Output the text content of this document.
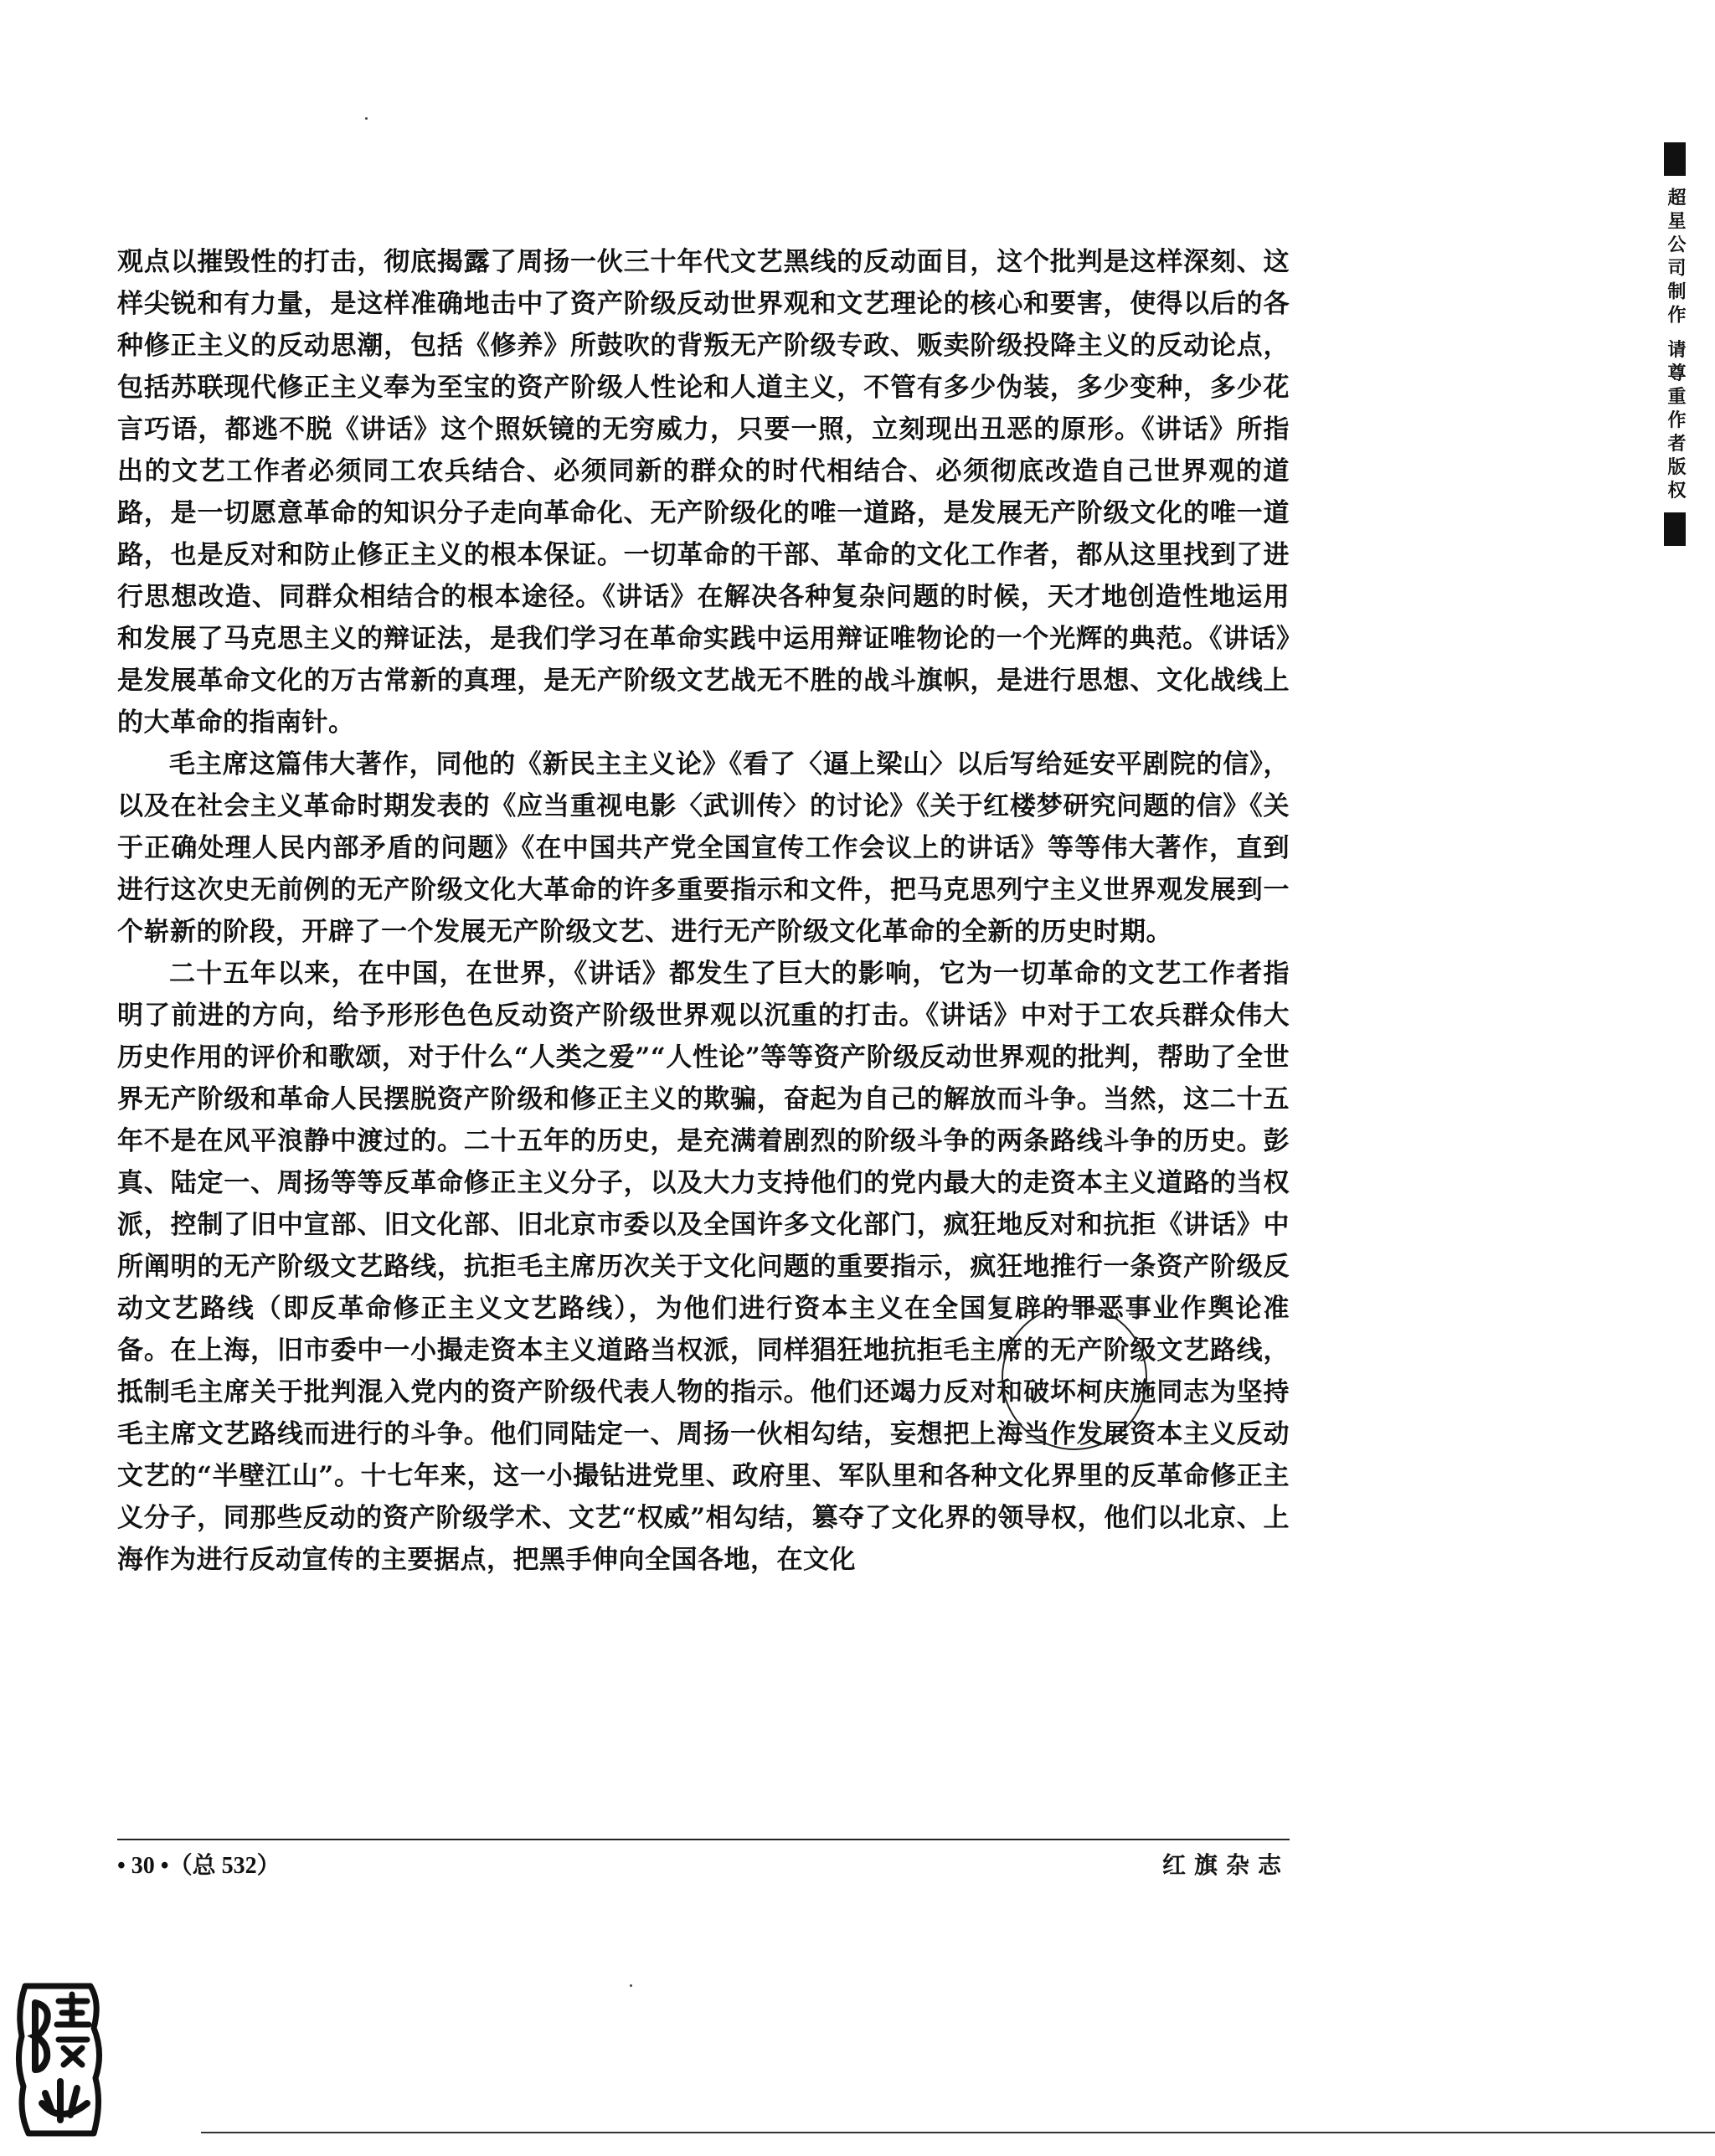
超星公司制作 请尊重作者版权

观点以摧毁性的打击，彻底揭露了周扬一伙三十年代文艺黑线的反动面目，这个批判是这样深刻、这样尖锐和有力量，是这样准确地击中了资产阶级反动世界观和文艺理论的核心和要害，使得以后的各种修正主义的反动思潮，包括《修养》所鼓吹的背叛无产阶级专政、贩卖阶级投降主义的反动论点，包括苏联现代修正主义奉为至宝的资产阶级人性论和人道主义，不管有多少伪装，多少变种，多少花言巧语，都逃不脱《讲话》这个照妖镜的无穷威力，只要一照，立刻现出丑恶的原形。《讲话》所指出的文艺工作者必须同工农兵结合、必须同新的群众的时代相结合、必须彻底改造自己世界观的道路，是一切愿意革命的知识分子走向革命化、无产阶级化的唯一道路，是发展无产阶级文化的唯一道路，也是反对和防止修正主义的根本保证。一切革命的干部、革命的文化工作者，都从这里找到了进行思想改造、同群众相结合的根本途径。《讲话》在解决各种复杂问题的时候，天才地创造性地运用和发展了马克思主义的辩证法，是我们学习在革命实践中运用辩证唯物论的一个光辉的典范。《讲话》是发展革命文化的万古常新的真理，是无产阶级文艺战无不胜的战斗旗帜，是进行思想、文化战线上的大革命的指南针。

毛主席这篇伟大著作，同他的《新民主主义论》《看了〈逼上梁山〉以后写给延安平剧院的信》，以及在社会主义革命时期发表的《应当重视电影〈武训传〉的讨论》《关于红楼梦研究问题的信》《关于正确处理人民内部矛盾的问题》《在中国共产党全国宣传工作会议上的讲话》等等伟大著作，直到进行这次史无前例的无产阶级文化大革命的许多重要指示和文件，把马克思列宁主义世界观发展到一个崭新的阶段，开辟了一个发展无产阶级文艺、进行无产阶级文化革命的全新的历史时期。

二十五年以来，在中国，在世界，《讲话》都发生了巨大的影响，它为一切革命的文艺工作者指明了前进的方向，给予形形色色反动资产阶级世界观以沉重的打击。《讲话》中对于工农兵群众伟大历史作用的评价和歌颂，对于什么“人类之爱”“人性论”等等资产阶级反动世界观的批判，帮助了全世界无产阶级和革命人民摆脱资产阶级和修正主义的欺骗，奋起为自己的解放而斗争。当然，这二十五年不是在风平浪静中渡过的。二十五年的历史，是充满着剧烈的阶级斗争的两条路线斗争的历史。彭真、陆定一、周扬等等反革命修正主义分子，以及大力支持他们的党内最大的走资本主义道路的当权派，控制了旧中宣部、旧文化部、旧北京市委以及全国许多文化部门，疯狂地反对和抗拒《讲话》中所阐明的无产阶级文艺路线，抗拒毛主席历次关于文化问题的重要指示，疯狂地推行一条资产阶级反动文艺路线（即反革命修正主义文艺路线），为他们进行资本主义在全国复辟的罪恶事业作舆论准备。在上海，旧市委中一小撮走资本主义道路当权派，同样猖狂地抗拒毛主席的无产阶级文艺路线，抵制毛主席关于批判混入党内的资产阶级代表人物的指示。他们还竭力反对和破坏柯庆施同志为坚持毛主席文艺路线而进行的斗争。他们同陆定一、周扬一伙相勾结，妄想把上海当作发展资本主义反动文艺的“半壁江山”。十七年来，这一小撮钻进党里、政府里、军队里和各种文化界里的反革命修正主义分子，同那些反动的资产阶级学术、文艺“权威”相勾结，篡夺了文化界的领导权，他们以北京、上海作为进行反动宣传的主要据点，把黑手伸向全国各地，在文化

• 30 •（总 532）	红旗杂志
